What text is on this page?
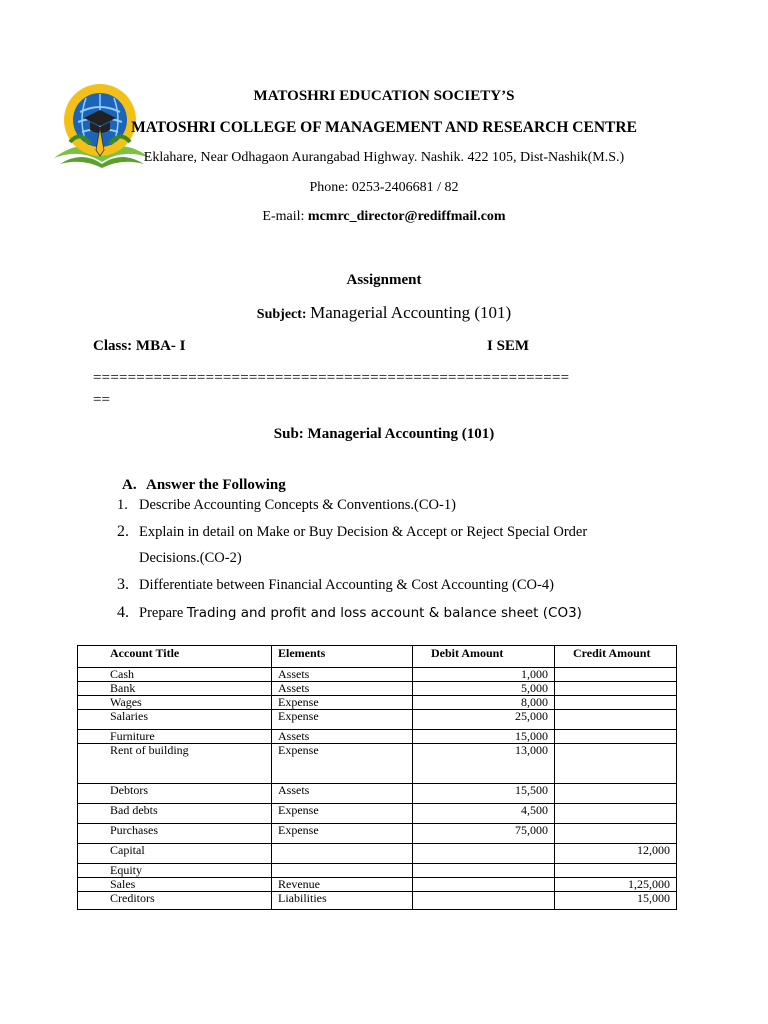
MATOSHRI EDUCATION SOCIETY’S
MATOSHRI COLLEGE OF MANAGEMENT AND RESEARCH CENTRE
Eklahare, Near Odhagaon Aurangabad Highway. Nashik. 422 105, Dist-Nashik(M.S.)
Phone: 0253-2406681 / 82
E-mail: mcmrc_director@rediffmail.com
Assignment
Subject: Managerial Accounting (101)
Class: MBA- I	I SEM
=======================================================
==
Sub: Managerial Accounting (101)
A. Answer the Following
1. Describe Accounting Concepts & Conventions.(CO-1)
2. Explain in detail on Make or Buy Decision & Accept or Reject Special Order
Decisions.(CO-2)
3. Differentiate between Financial Accounting & Cost Accounting (CO-4)
4. Prepare Trading and profit and loss account & balance sheet (CO3)
Account Title	Elements	Debit Amount	Credit Amount
Cash	Assets	1,000	
Bank	Assets	5,000	
Wages	Expense	8,000	
Salaries	Expense	25,000	
Furniture	Assets	15,000	
Rent of building	Expense	13,000	
Debtors	Assets	15,500	
Bad debts	Expense	4,500	
Purchases	Expense	75,000	
Capital			12,000
Equity			
Sales	Revenue		1,25,000
Creditors	Liabilities		15,000
